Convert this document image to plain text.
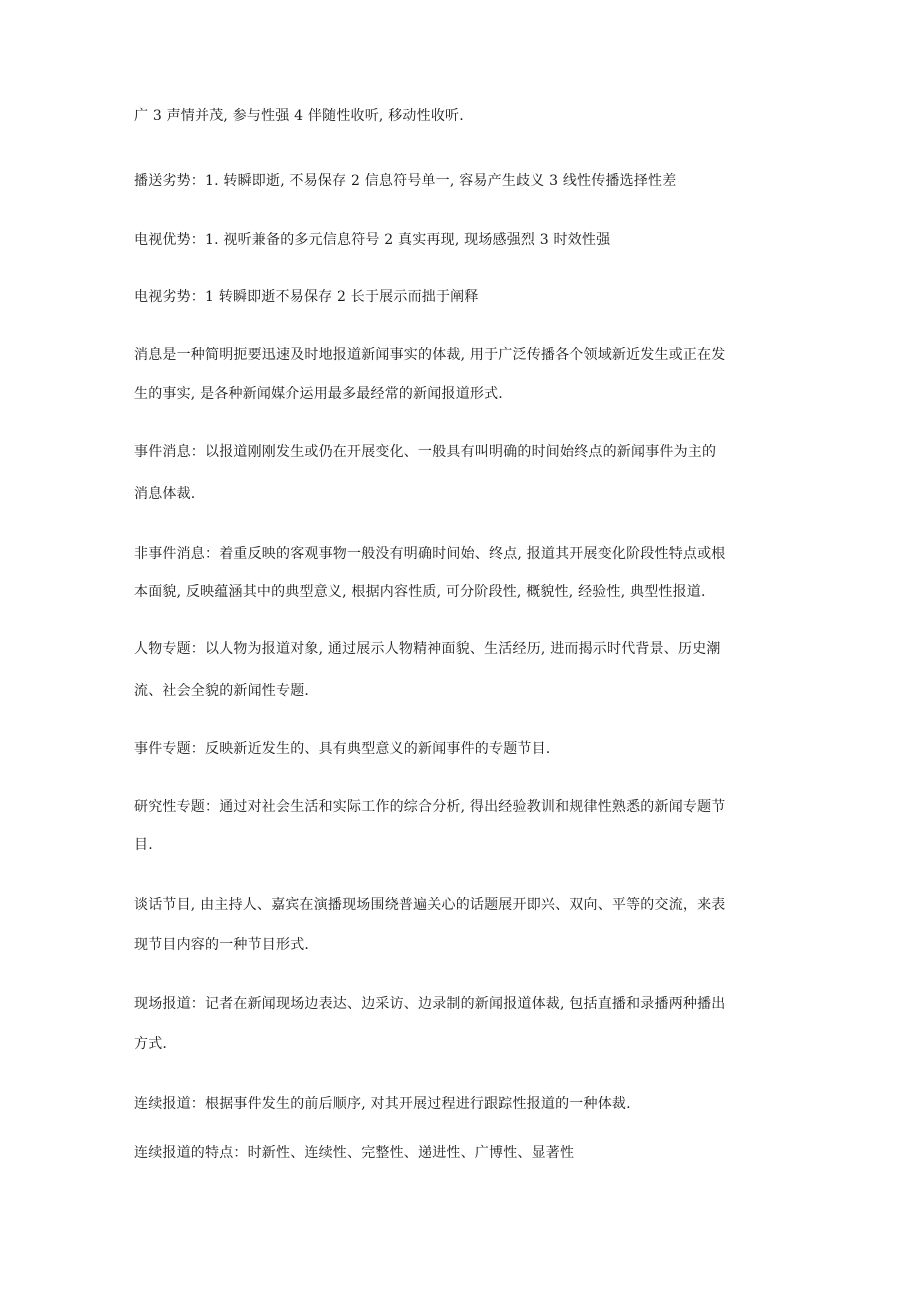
广 3 声情并茂, 参与性强 4 伴随性收听, 移动性收听.
播送劣势：1. 转瞬即逝, 不易保存 2 信息符号单一, 容易产生歧义 3 线性传播选择性差
电视优势：1. 视听兼备的多元信息符号 2 真实再现, 现场感强烈 3 时效性强
电视劣势：1 转瞬即逝不易保存 2 长于展示而拙于阐释
消息是一种简明扼要迅速及时地报道新闻事实的体裁, 用于广泛传播各个领域新近发生或正在发
生的事实, 是各种新闻媒介运用最多最经常的新闻报道形式.
事件消息：以报道刚刚发生或仍在开展变化、一般具有叫明确的时间始终点的新闻事件为主的
消息体裁.
非事件消息：着重反映的客观事物一般没有明确时间始、终点, 报道其开展变化阶段性特点或根
本面貌, 反映蕴涵其中的典型意义, 根据内容性质, 可分阶段性, 概貌性, 经验性, 典型性报道.
人物专题：以人物为报道对象, 通过展示人物精神面貌、生活经历, 进而揭示时代背景、历史潮
流、社会全貌的新闻性专题.
事件专题：反映新近发生的、具有典型意义的新闻事件的专题节目.
研究性专题：通过对社会生活和实际工作的综合分析, 得出经验教训和规律性熟悉的新闻专题节
目.
谈话节目, 由主持人、嘉宾在演播现场围绕普遍关心的话题展开即兴、双向、平等的交流，来表
现节目内容的一种节目形式.
现场报道：记者在新闻现场边表达、边采访、边录制的新闻报道体裁, 包括直播和录播两种播出
方式.
连续报道：根据事件发生的前后顺序, 对其开展过程进行跟踪性报道的一种体裁.
连续报道的特点：时新性、连续性、完整性、递进性、广博性、显著性
